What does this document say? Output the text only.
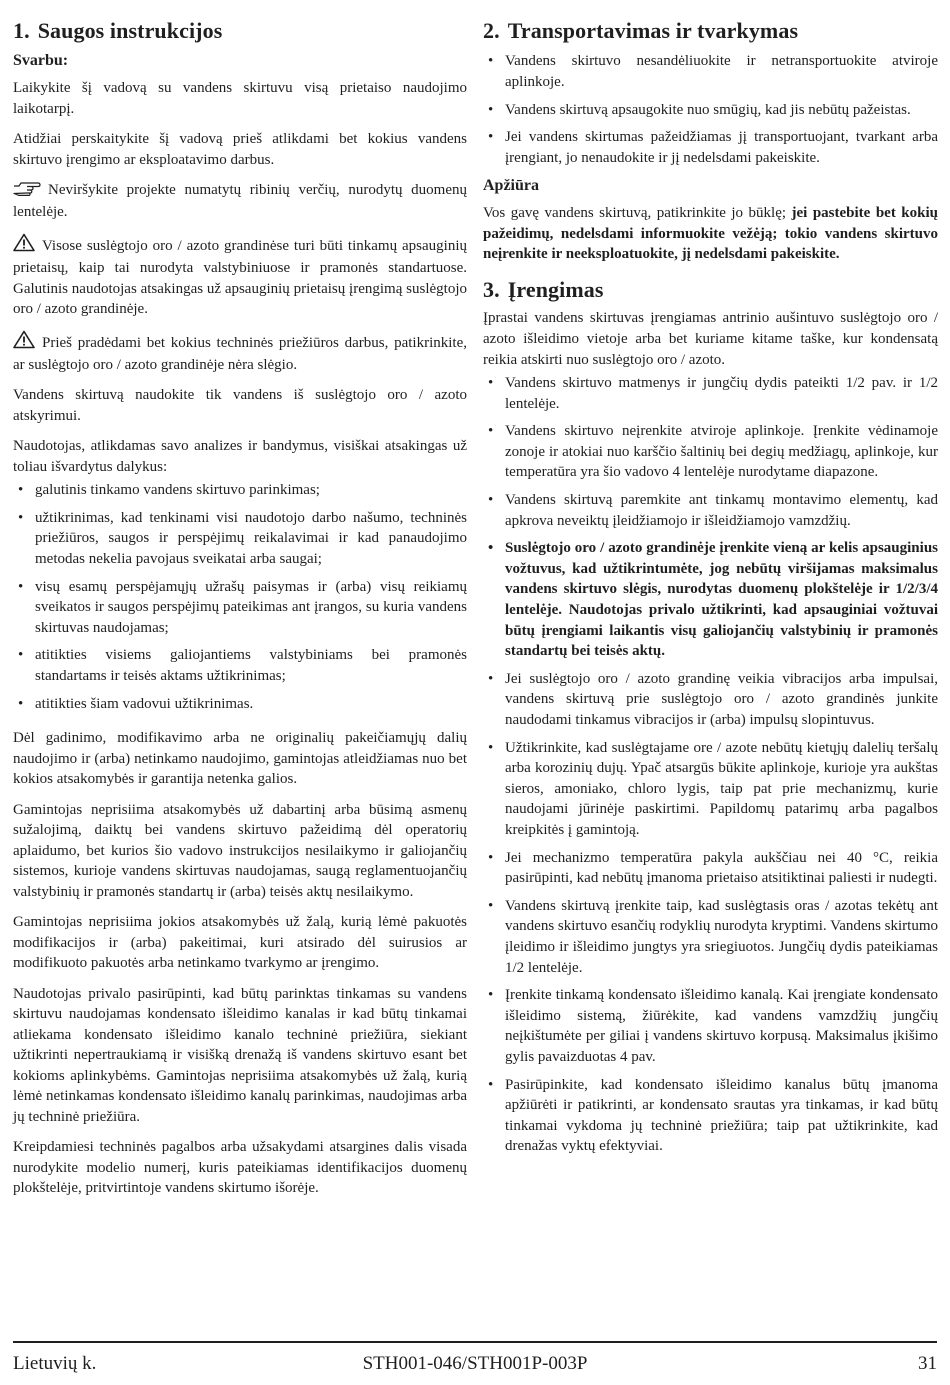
1. Saugos instrukcijos
Svarbu:

Laikykite šį vadovą su vandens skirtuvu visą prietaiso naudojimo laikotarpį.

Atidžiai perskaitykite šį vadovą prieš atlikdami bet kokius vandens skirtuvo įrengimo ar eksploatavimo darbus.

Neviršykite projekte numatytų ribinių verčių, nurodytų duomenų lentelėje.

Visose suslėgtojo oro / azoto grandinėse turi būti tinkamų apsauginių prietaisų, kaip tai nurodyta valstybiniuose ir pramonės standartuose. Galutinis naudotojas atsakingas už apsauginių prietaisų įrengimą suslėgtojo oro / azoto grandinėje.

Prieš pradėdami bet kokius techninės priežiūros darbus, patikrinkite, ar suslėgtojo oro / azoto grandinėje nėra slėgio.

Vandens skirtuvą naudokite tik vandens iš suslėgtojo oro / azoto atskyrimui.

Naudotojas, atlikdamas savo analizes ir bandymus, visiškai atsakingas už toliau išvardytus dalykus:

• galutinis tinkamo vandens skirtuvo parinkimas;
• užtikrinimas, kad tenkinami visi naudotojo darbo našumo, techninės priežiūros, saugos ir perspėjimų reikalavimai ir kad panaudojimo metodas nekelia pavojaus sveikatai arba saugai;
• visų esamų perspėjamųjų užrašų paisymas ir (arba) visų reikiamų sveikatos ir saugos perspėjimų pateikimas ant įrangos, su kuria vandens skirtuvas naudojamas;
• atitikties visiems galiojantiems valstybiniams bei pramonės standartams ir teisės aktams užtikrinimas;
• atitikties šiam vadovui užtikrinimas.

Dėl gadinimo, modifikavimo arba ne originalių pakeičiamųjų dalių naudojimo ir (arba) netinkamo naudojimo, gamintojas atleidžiamas nuo bet kokios atsakomybės ir garantija netenka galios.

Gamintojas neprisiima atsakomybės už dabartinį arba būsimą asmenų sužalojimą, daiktų bei vandens skirtuvo pažeidimą dėl operatorių aplaidumo, bet kurios šio vadovo instrukcijos nesilaikymo ir galiojančių sistemos, kurioje vandens skirtuvas naudojamas, saugą reglamentuojančių valstybinių ir pramonės standartų ir (arba) teisės aktų nesilaikymo.

Gamintojas neprisiima jokios atsakomybės už žalą, kurią lėmė pakuotės modifikacijos ir (arba) pakeitimai, kuri atsirado dėl suirusios ar modifikuoto pakuotės arba netinkamo tvarkymo ar įrengimo.

Naudotojas privalo pasirūpinti, kad būtų parinktas tinkamas su vandens skirtuvu naudojamas kondensato išleidimo kanalas ir kad būtų tinkamai atliekama kondensato išleidimo kanalo techninė priežiūra, siekiant užtikrinti nepertraukiamą ir visišką drenažą iš vandens skirtuvo esant bet kokioms aplinkybėms. Gamintojas neprisiima atsakomybės už žalą, kurią lėmė netinkamas kondensato išleidimo kanalų parinkimas, naudojimas arba jų techninė priežiūra.

Kreipdamiesi techninės pagalbos arba užsakydami atsargines dalis visada nurodykite modelio numerį, kuris pateikiamas identifikacijos duomenų plokštelėje, pritvirtintoje vandens skirtumo išorėje.

2. Transportavimas ir tvarkymas
• Vandens skirtuvo nesandėliuokite ir netransportuokite atviroje aplinkoje.
• Vandens skirtuvą apsaugokite nuo smūgių, kad jis nebūtų pažeistas.
• Jei vandens skirtumas pažeidžiamas jį transportuojant, tvarkant arba įrengiant, jo nenaudokite ir jį nedelsdami pakeiskite.
Apžiūra

Vos gavę vandens skirtuvą, patikrinkite jo būklę; jei pastebite bet kokių pažeidimų, nedelsdami informuokite vežėją; tokio vandens skirtuvo neįrenkite ir neeksploatuokite, jį nedelsdami pakeiskite.

3. Įrengimas

Įprastai vandens skirtuvas įrengiamas antrinio aušintuvo suslėgtojo oro / azoto išleidimo vietoje arba bet kuriame kitame taške, kur kondensatą reikia atskirti nuo suslėgtojo oro / azoto.

• Vandens skirtuvo matmenys ir jungčių dydis pateikti 1/2 pav. ir 1/2 lentelėje.
• Vandens skirtuvo neįrenkite atviroje aplinkoje. Įrenkite vėdinamoje zonoje ir atokiai nuo karščio šaltinių bei degių medžiagų, aplinkoje, kur temperatūra yra šio vadovo 4 lentelėje nurodytame diapazone.
• Vandens skirtuvą paremkite ant tinkamų montavimo elementų, kad apkrova neveiktų įleidžiamojo ir išleidžiamojo vamzdžių.
• Suslėgtojo oro / azoto grandinėje įrenkite vieną ar kelis apsauginius vožtuvus, kad užtikrintumėte, jog nebūtų viršijamas maksimalus vandens skirtuvo slėgis, nurodytas duomenų plokštelėje ir 1/2/3/4 lentelėje. Naudotojas privalo užtikrinti, kad apsauginiai vožtuvai būtų įrengiami laikantis visų galiojančių valstybinių ir pramonės standartų bei teisės aktų.
• Jei suslėgtojo oro / azoto grandinę veikia vibracijos arba impulsai, vandens skirtuvą prie suslėgtojo oro / azoto grandinės junkite naudodami tinkamus vibracijos ir (arba) impulsų slopintuvus.
• Užtikrinkite, kad suslėgtajame ore / azote nebūtų kietųjų dalelių teršalų arba korozinių dujų. Ypač atsargūs būkite aplinkoje, kurioje yra aukštas sieros, amoniako, chloro lygis, taip pat prie mechanizmų, kurie naudojami jūrinėje paskirtimi. Papildomų patarimų arba pagalbos kreipkitės į gamintoją.
• Jei mechanizmo temperatūra pakyla aukščiau nei 40 °C, reikia pasirūpinti, kad nebūtų įmanoma prietaiso atsitiktinai paliesti ir nudegti.
• Vandens skirtuvą įrenkite taip, kad suslėgtasis oras / azotas tekėtų ant vandens skirtuvo esančių rodyklių nurodyta kryptimi. Vandens skirtumo įleidimo ir išleidimo jungtys yra sriegiuotos. Jungčių dydis pateikiamas 1/2 lentelėje.
• Įrenkite tinkamą kondensato išleidimo kanalą. Kai įrengiate kondensato išleidimo sistemą, žiūrėkite, kad vandens vamzdžių jungčių neįkištumėte per giliai į vandens skirtuvo korpusą. Maksimalus įkišimo gylis pavaizduotas 4 pav.
• Pasirūpinkite, kad kondensato išleidimo kanalus būtų įmanoma apžiūrėti ir patikrinti, ar kondensato srautas yra tinkamas, ir kad būtų tinkamai vykdoma jų techninė priežiūra; taip pat užtikrinkite, kad drenažas vyktų efektyviai.
STH001-046/STH001P-003P
Lietuvių k.	31
